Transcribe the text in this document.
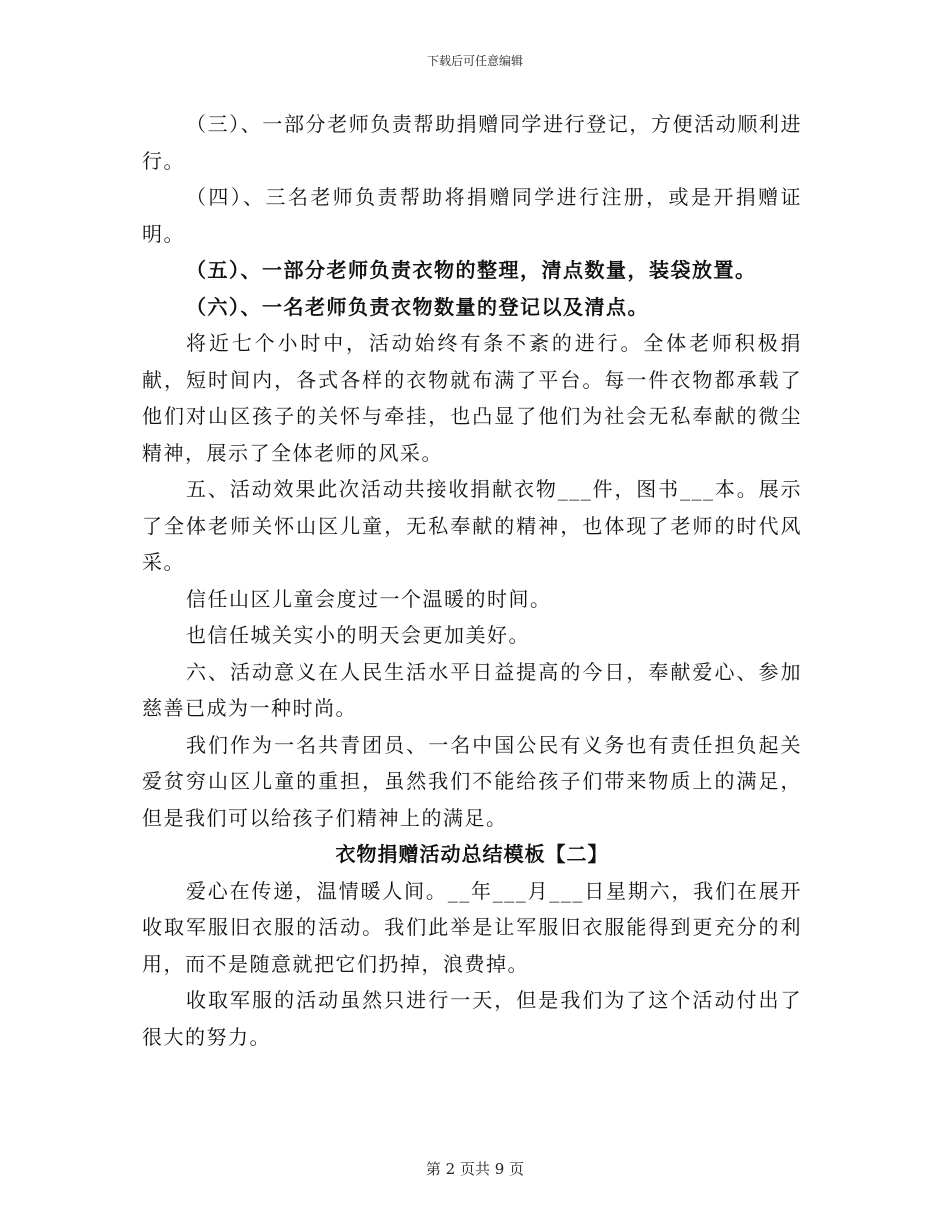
下载后可任意编辑

（三）、一部分老师负责帮助捐赠同学进行登记，方便活动顺利进行。

（四）、三名老师负责帮助将捐赠同学进行注册，或是开捐赠证明。

（五）、一部分老师负责衣物的整理，清点数量，装袋放置。

（六）、一名老师负责衣物数量的登记以及清点。

将近七个小时中，活动始终有条不紊的进行。全体老师积极捐献，短时间内，各式各样的衣物就布满了平台。每一件衣物都承载了他们对山区孩子的关怀与牵挂，也凸显了他们为社会无私奉献的微尘精神，展示了全体老师的风采。

五、活动效果此次活动共接收捐献衣物___件，图书___本。展示了全体老师关怀山区儿童，无私奉献的精神，也体现了老师的时代风采。

信任山区儿童会度过一个温暖的时间。

也信任城关实小的明天会更加美好。

六、活动意义在人民生活水平日益提高的今日，奉献爱心、参加慈善已成为一种时尚。

我们作为一名共青团员、一名中国公民有义务也有责任担负起关爱贫穷山区儿童的重担，虽然我们不能给孩子们带来物质上的满足，但是我们可以给孩子们精神上的满足。

衣物捐赠活动总结模板【二】

爱心在传递，温情暖人间。__年___月___日星期六，我们在展开收取军服旧衣服的活动。我们此举是让军服旧衣服能得到更充分的利用，而不是随意就把它们扔掉，浪费掉。

收取军服的活动虽然只进行一天，但是我们为了这个活动付出了很大的努力。

第 2 页共 9 页
